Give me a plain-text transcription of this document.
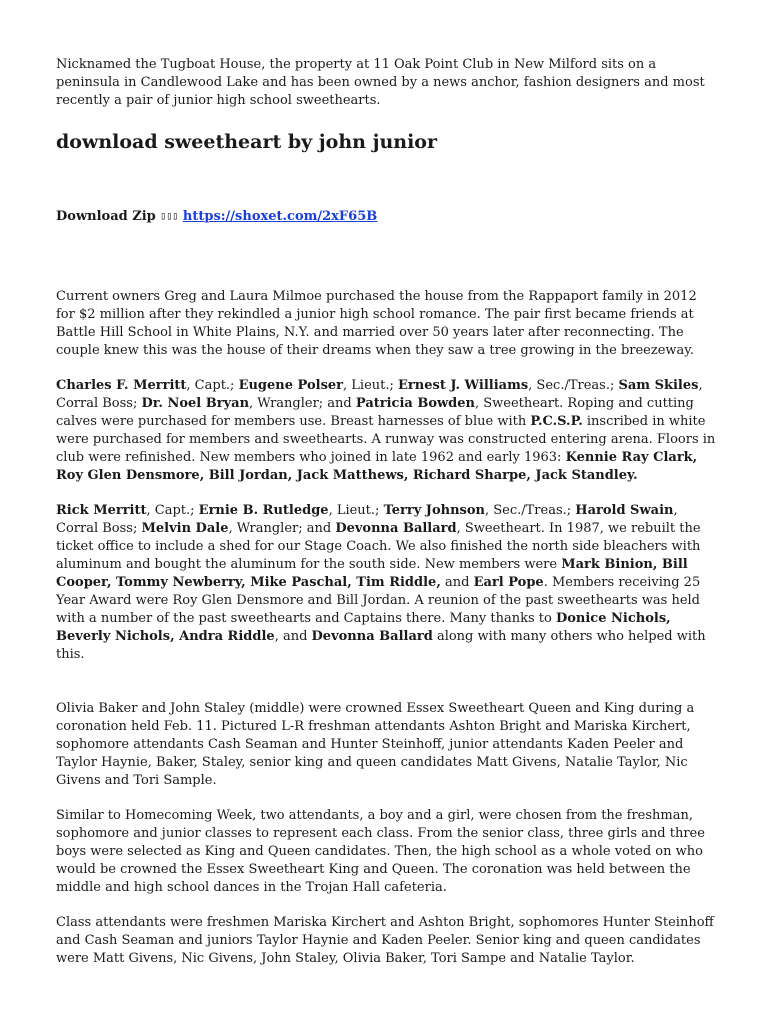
Nicknamed the Tugboat House, the property at 11 Oak Point Club in New Milford sits on a peninsula in Candlewood Lake and has been owned by a news anchor, fashion designers and most recently a pair of junior high school sweethearts.

download sweetheart by john junior

Download Zip ▯▯▯ https://shoxet.com/2xF65B

Current owners Greg and Laura Milmoe purchased the house from the Rappaport family in 2012 for $2 million after they rekindled a junior high school romance. The pair first became friends at Battle Hill School in White Plains, N.Y. and married over 50 years later after reconnecting. The couple knew this was the house of their dreams when they saw a tree growing in the breezeway.

Charles F. Merritt, Capt.; Eugene Polser, Lieut.; Ernest J. Williams, Sec./Treas.; Sam Skiles, Corral Boss; Dr. Noel Bryan, Wrangler; and Patricia Bowden, Sweetheart. Roping and cutting calves were purchased for members use. Breast harnesses of blue with P.C.S.P. inscribed in white were purchased for members and sweethearts. A runway was constructed entering arena. Floors in club were refinished. New members who joined in late 1962 and early 1963: Kennie Ray Clark, Roy Glen Densmore, Bill Jordan, Jack Matthews, Richard Sharpe, Jack Standley.

Rick Merritt, Capt.; Ernie B. Rutledge, Lieut.; Terry Johnson, Sec./Treas.; Harold Swain, Corral Boss; Melvin Dale, Wrangler; and Devonna Ballard, Sweetheart. In 1987, we rebuilt the ticket office to include a shed for our Stage Coach. We also finished the north side bleachers with aluminum and bought the aluminum for the south side. New members were Mark Binion, Bill Cooper, Tommy Newberry, Mike Paschal, Tim Riddle, and Earl Pope. Members receiving 25 Year Award were Roy Glen Densmore and Bill Jordan. A reunion of the past sweethearts was held with a number of the past sweethearts and Captains there. Many thanks to Donice Nichols, Beverly Nichols, Andra Riddle, and Devonna Ballard along with many others who helped with this.

Olivia Baker and John Staley (middle) were crowned Essex Sweetheart Queen and King during a coronation held Feb. 11. Pictured L-R freshman attendants Ashton Bright and Mariska Kirchert, sophomore attendants Cash Seaman and Hunter Steinhoff, junior attendants Kaden Peeler and Taylor Haynie, Baker, Staley, senior king and queen candidates Matt Givens, Natalie Taylor, Nic Givens and Tori Sample.

Similar to Homecoming Week, two attendants, a boy and a girl, were chosen from the freshman, sophomore and junior classes to represent each class. From the senior class, three girls and three boys were selected as King and Queen candidates. Then, the high school as a whole voted on who would be crowned the Essex Sweetheart King and Queen. The coronation was held between the middle and high school dances in the Trojan Hall cafeteria.

Class attendants were freshmen Mariska Kirchert and Ashton Bright, sophomores Hunter Steinhoff and Cash Seaman and juniors Taylor Haynie and Kaden Peeler. Senior king and queen candidates were Matt Givens, Nic Givens, John Staley, Olivia Baker, Tori Sampe and Natalie Taylor.
